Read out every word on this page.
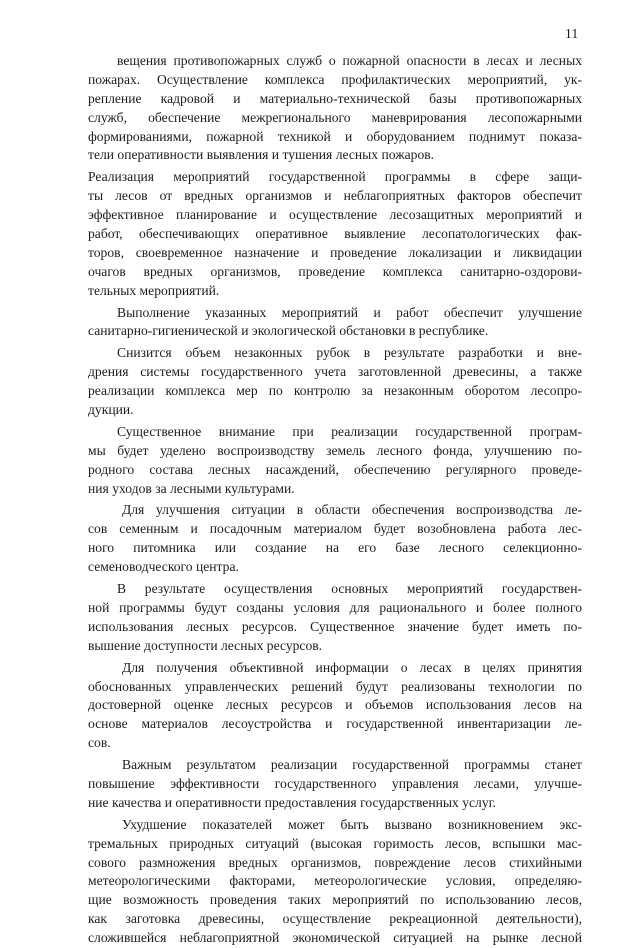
11
вещения противопожарных служб о пожарной опасности в лесах и лесных
пожарах. Осуществление комплекса профилактических мероприятий, ук-
репление кадровой и материально-технической базы противопожарных
служб, обеспечение межрегионального маневрирования лесопожарными
формированиями, пожарной техникой и оборудованием поднимут показа-
тели оперативности выявления и тушения лесных пожаров.
Реализация мероприятий государственной программы в сфере защи-
ты лесов от вредных организмов и неблагоприятных факторов обеспечит
эффективное планирование и осуществление лесозащитных мероприятий и
работ, обеспечивающих оперативное выявление лесопатологических фак-
торов, своевременное назначение и проведение локализации и ликвидации
очагов вредных организмов, проведение комплекса санитарно-оздорови-
тельных мероприятий.
Выполнение указанных мероприятий и работ обеспечит улучшение
санитарно-гигиенической и экологической обстановки в республике.
Снизится объем незаконных рубок в результате разработки и вне-
дрения системы государственного учета заготовленной древесины, а также
реализации комплекса мер по контролю за незаконным оборотом лесопро-
дукции.
Существенное внимание при реализации государственной програм-
мы будет уделено воспроизводству земель лесного фонда, улучшению по-
родного состава лесных насаждений, обеспечению регулярного проведе-
ния уходов за лесными культурами.
Для улучшения ситуации в области обеспечения воспроизводства ле-
сов семенным и посадочным материалом будет возобновлена работа лес-
ного питомника или создание на его базе лесного селекционно-
семеноводческого центра.
В результате осуществления основных мероприятий государствен-
ной программы будут созданы условия для рационального и более полного
использования лесных ресурсов. Существенное значение будет иметь по-
вышение доступности лесных ресурсов.
Для получения объективной информации о лесах в целях принятия
обоснованных управленческих решений будут реализованы технологии по
достоверной оценке лесных ресурсов и объемов использования лесов на
основе материалов лесоустройства и государственной инвентаризации ле-
сов.
Важным результатом реализации государственной программы станет
повышение эффективности государственного управления лесами, улучше-
ние качества и оперативности предоставления государственных услуг.
Ухудшение показателей может быть вызвано возникновением экс-
тремальных природных ситуаций (высокая горимость лесов, вспышки мас-
сового размножения вредных организмов, повреждение лесов стихийными
метеорологическими факторами, метеорологические условия, определяю-
щие возможность проведения таких мероприятий по использованию лесов,
как заготовка древесины, осуществление рекреационной деятельности),
сложившейся неблагоприятной экономической ситуацией на рынке лесной
